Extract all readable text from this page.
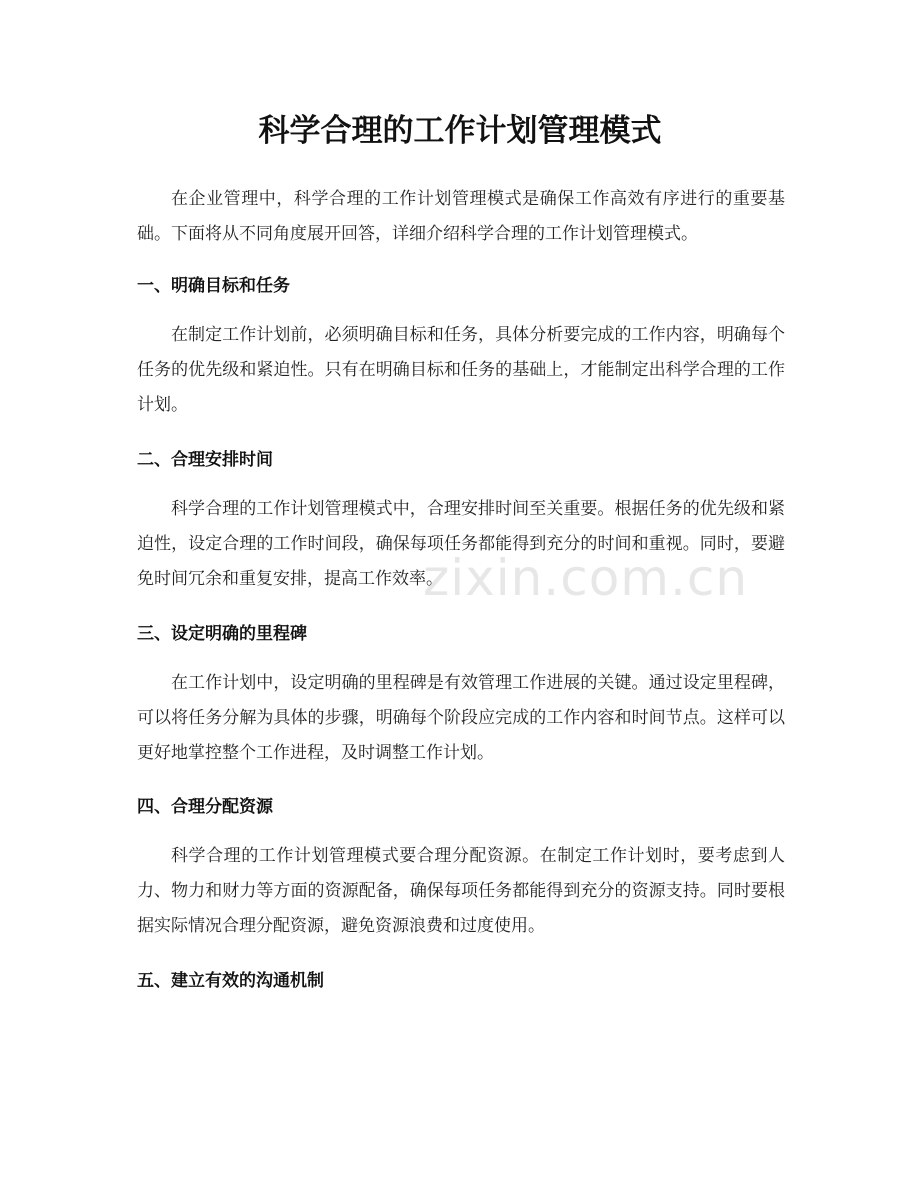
科学合理的工作计划管理模式

在企业管理中，科学合理的工作计划管理模式是确保工作高效有序进行的重要基础。下面将从不同角度展开回答，详细介绍科学合理的工作计划管理模式。

一、明确目标和任务

在制定工作计划前，必须明确目标和任务，具体分析要完成的工作内容，明确每个任务的优先级和紧迫性。只有在明确目标和任务的基础上，才能制定出科学合理的工作计划。

二、合理安排时间

科学合理的工作计划管理模式中，合理安排时间至关重要。根据任务的优先级和紧迫性，设定合理的工作时间段，确保每项任务都能得到充分的时间和重视。同时，要避免时间冗余和重复安排，提高工作效率。

三、设定明确的里程碑

在工作计划中，设定明确的里程碑是有效管理工作进展的关键。通过设定里程碑，可以将任务分解为具体的步骤，明确每个阶段应完成的工作内容和时间节点。这样可以更好地掌控整个工作进程，及时调整工作计划。

四、合理分配资源

科学合理的工作计划管理模式要合理分配资源。在制定工作计划时，要考虑到人力、物力和财力等方面的资源配备，确保每项任务都能得到充分的资源支持。同时要根据实际情况合理分配资源，避免资源浪费和过度使用。

五、建立有效的沟通机制
zixin.com.cn
